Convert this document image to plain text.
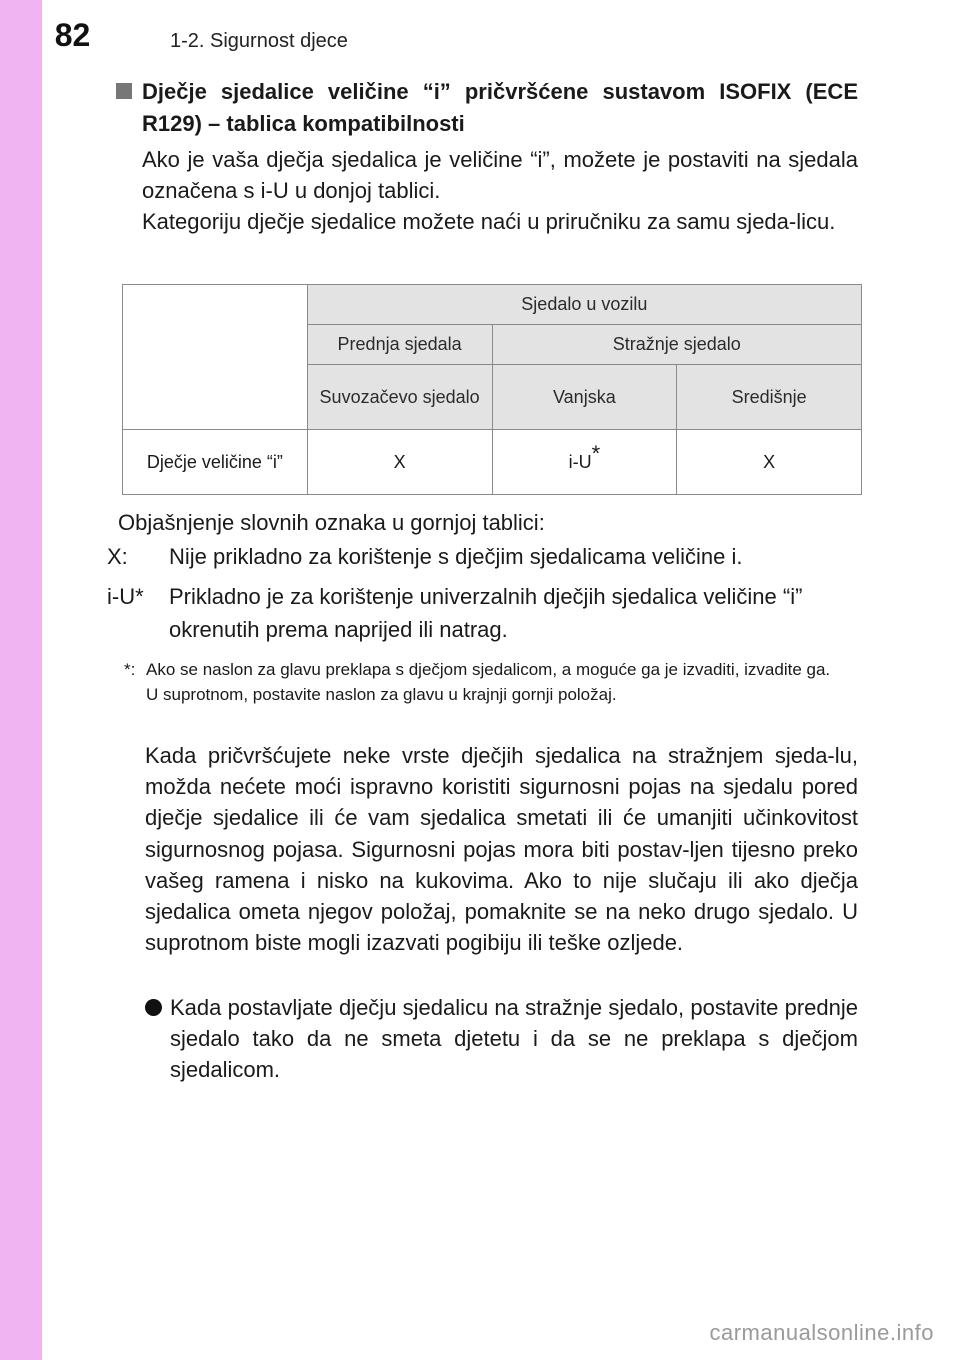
82	1-2. Sigurnost djece
Dječje sjedalice veličine “i” pričvršćene sustavom ISOFIX (ECE R129) – tablica kompatibilnosti

Ako je vaša dječja sjedalica je veličine “i”, možete je postaviti na sjedala označena s i-U u donjoj tablici.

Kategoriju dječje sjedalice možete naći u priručniku za samu sjeda-licu.

	Sjedalo u vozilu		
	Prednja sjedala	Stražnje sjedalo	
	Suvozačevo sjedalo	Vanjska	Središnje
Dječje veličine “i”	X	i-U*	X
Objašnjenje slovnih oznaka u gornjoj tablici:
X: Nije prikladno za korištenje s dječjim sjedalicama veličine i.
i-U* Prikladno je za korištenje univerzalnih dječjih sjedalica veličine “i” okrenutih prema naprijed ili natrag.
*: Ako se naslon za glavu preklapa s dječjom sjedalicom, a moguće ga je izvaditi, izvadite ga.

U suprotnom, postavite naslon za glavu u krajnji gornji položaj.

Kada pričvršćujete neke vrste dječjih sjedalica na stražnjem sjeda-lu, možda nećete moći ispravno koristiti sigurnosni pojas na sjedalu pored dječje sjedalice ili će vam sjedalica smetati ili će umanjiti učinkovitost sigurnosnog pojasa. Sigurnosni pojas mora biti postav-ljen tijesno preko vašeg ramena i nisko na kukovima. Ako to nije slučaju ili ako dječja sjedalica ometa njegov položaj, pomaknite se na neko drugo sjedalo. U suprotnom biste mogli izazvati pogibiju ili teške ozljede.

Kada postavljate dječju sjedalicu na stražnje sjedalo, postavite prednje sjedalo tako da ne smeta djetetu i da se ne preklapa s dječjom sjedalicom.

carmanualsonline.info
